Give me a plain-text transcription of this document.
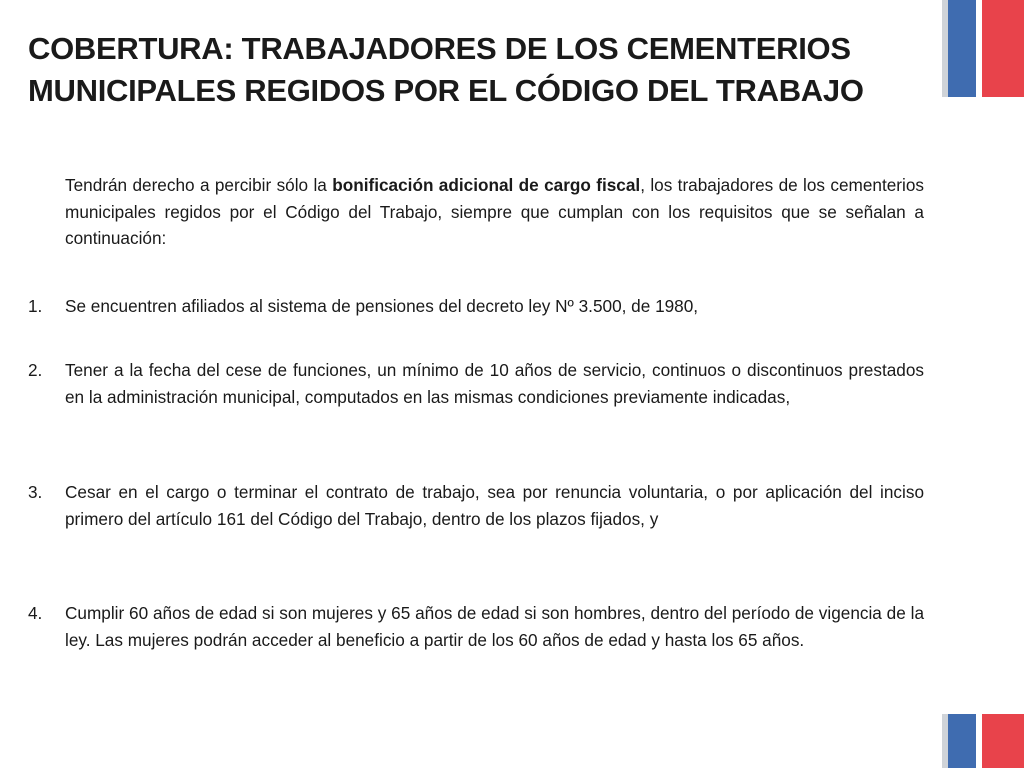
COBERTURA: TRABAJADORES DE LOS CEMENTERIOS
MUNICIPALES REGIDOS POR EL CÓDIGO DEL TRABAJO

Tendrán derecho a percibir sólo la bonificación adicional de cargo fiscal, los trabajadores de los cementerios municipales regidos por el Código del Trabajo, siempre que cumplan con los requisitos que se señalan a continuación:

1.	Se encuentren afiliados al sistema de pensiones del decreto ley Nº 3.500, de 1980,
2.	Tener a la fecha del cese de funciones, un mínimo de 10 años de servicio, continuos o discontinuos prestados en la administración municipal, computados en las mismas condiciones previamente indicadas,
3.	Cesar en el cargo o terminar el contrato de trabajo, sea por renuncia voluntaria, o por aplicación del inciso primero del artículo 161 del Código del Trabajo, dentro de los plazos fijados, y
4.	Cumplir 60 años de edad si son mujeres y 65 años de edad si son hombres, dentro del período de vigencia de la ley. Las mujeres podrán acceder al beneficio a partir de los 60 años de edad y hasta los 65 años.
